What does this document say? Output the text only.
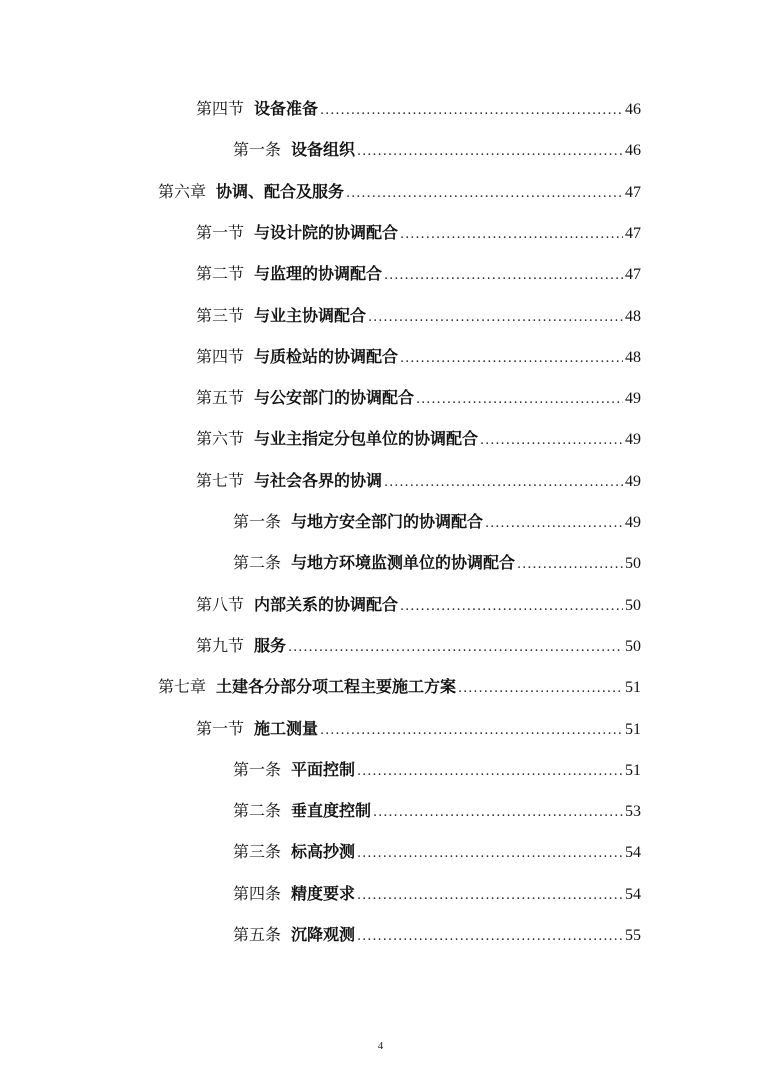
第四节 设备准备 .....	46
第一条 设备组织 .....	46
第六章 协调、配合及服务 .....	47
第一节 与设计院的协调配合 .....	47
第二节 与监理的协调配合 .....	47
第三节 与业主协调配合 .....	48
第四节 与质检站的协调配合 .....	48
第五节 与公安部门的协调配合 .....	49
第六节 与业主指定分包单位的协调配合 .....	49
第七节 与社会各界的协调 .....	49
第一条 与地方安全部门的协调配合 .....	49
第二条 与地方环境监测单位的协调配合 .....	50
第八节 内部关系的协调配合 .....	50
第九节 服务 .....	50
第七章 土建各分部分项工程主要施工方案 .....	51
第一节 施工测量 .....	51
第一条 平面控制 .....	51
第二条 垂直度控制 .....	53
第三条 标高抄测 .....	54
第四条 精度要求 .....	54
第五条 沉降观测 .....	55
4
